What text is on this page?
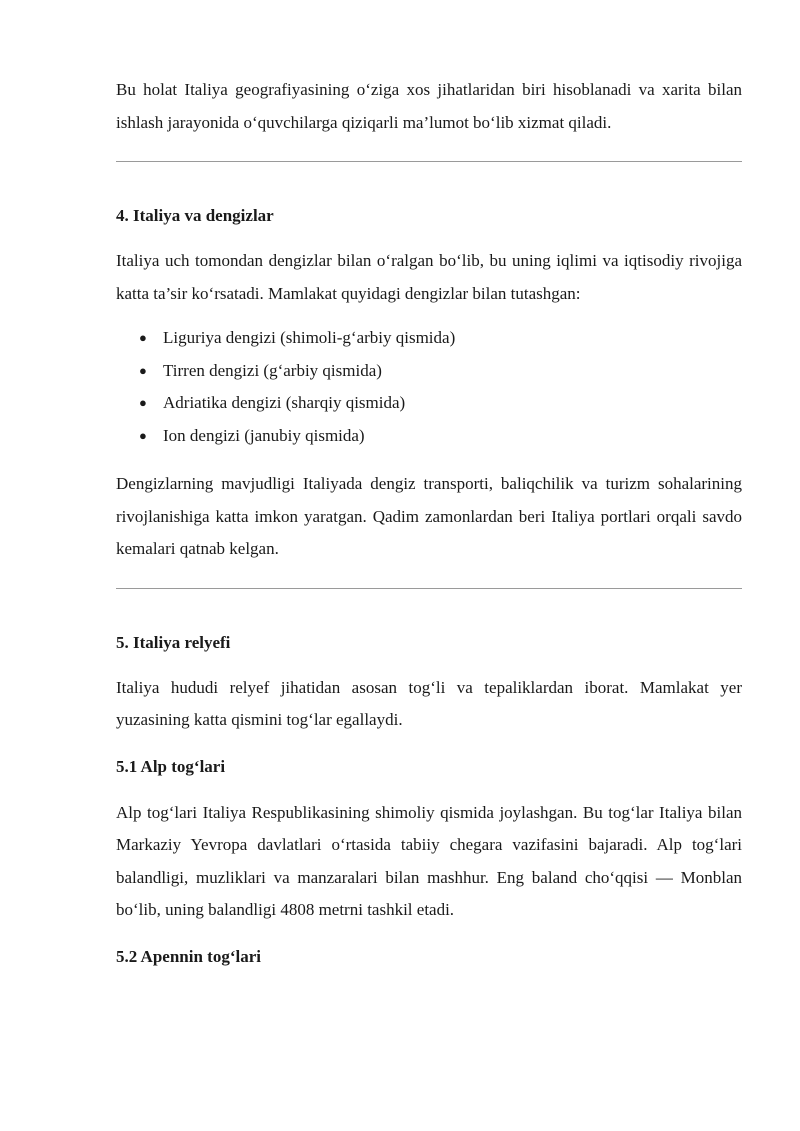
Bu holat Italiya geografiyasining o‘ziga xos jihatlaridan biri hisoblanadi va xarita bilan ishlash jarayonida o‘quvchilarga qiziqarli ma’lumot bo‘lib xizmat qiladi.

4. Italiya va dengizlar

Italiya uch tomondan dengizlar bilan o‘ralgan bo‘lib, bu uning iqlimi va iqtisodiy rivojiga katta ta’sir ko‘rsatadi. Mamlakat quyidagi dengizlar bilan tutashgan:

● Liguriya dengizi (shimoli-g‘arbiy qismida)
● Tirren dengizi (g‘arbiy qismida)
● Adriatika dengizi (sharqiy qismida)
● Ion dengizi (janubiy qismida)

Dengizlarning mavjudligi Italiyada dengiz transporti, baliqchilik va turizm sohalarining rivojlanishiga katta imkon yaratgan. Qadim zamonlardan beri Italiya portlari orqali savdo kemalari qatnab kelgan.

5. Italiya relyefi

Italiya hududi relyef jihatidan asosan tog‘li va tepaliklardan iborat. Mamlakat yer yuzasining katta qismini tog‘lar egallaydi.

5.1 Alp tog‘lari

Alp tog‘lari Italiya Respublikasining shimoliy qismida joylashgan. Bu tog‘lar Italiya bilan Markaziy Yevropa davlatlari o‘rtasida tabiiy chegara vazifasini bajaradi. Alp tog‘lari balandligi, muzliklari va manzaralari bilan mashhur. Eng baland cho‘qqisi — Monblan bo‘lib, uning balandligi 4808 metrni tashkil etadi.

5.2 Apennin tog‘lari
